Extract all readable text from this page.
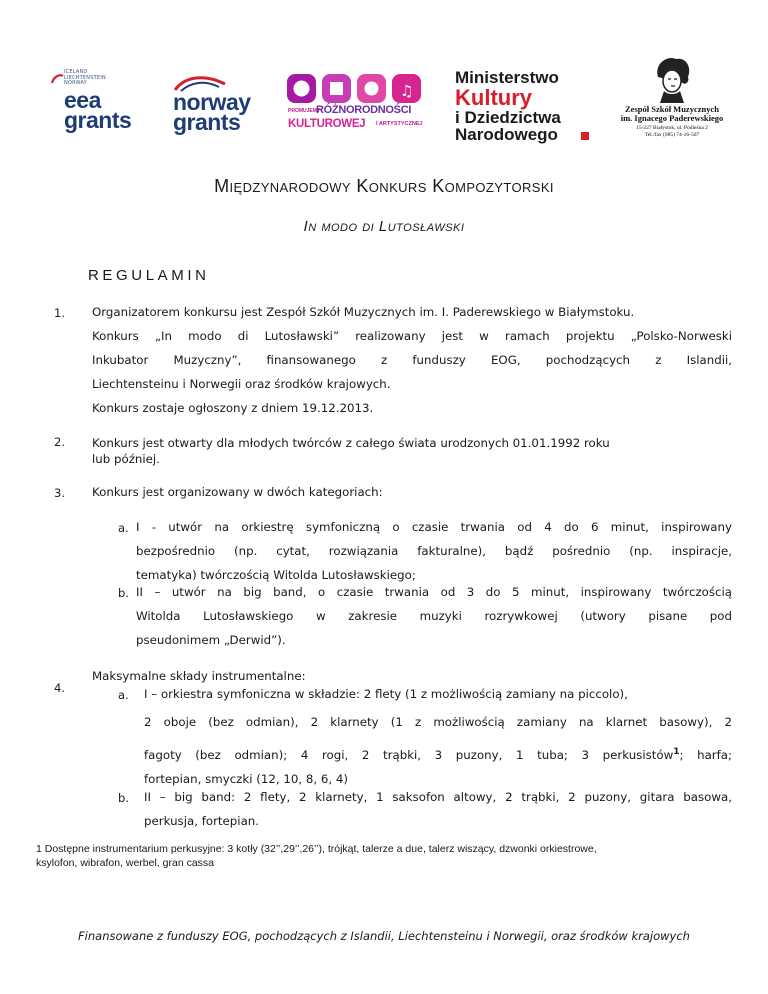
ICELAND
LIECHTENSTEIN
NORWAY
eea
grants
norway
grants
♫
PROMUJEMY
RÓŻNORODNOŚCI
KULTUROWEJ I ARTYSTYCZNEJ
Ministerstwo
Kultury
i Dziedzictwa
Narodowego
Zespół Szkół Muzycznych
im. Ignacego Paderewskiego
15-227 Białystok, ul. Podleśna 2
Tel./fax (085) 74-16-507
Międzynarodowy Konkurs Kompozytorski
In modo di Lutosławski
REGULAMIN
1. Organizatorem konkursu jest Zespół Szkół Muzycznych im. I. Paderewskiego w Białymstoku.
Konkurs „In modo di Lutosławski” realizowany jest w ramach projektu „Polsko-Norweski
Inkubator Muzyczny”, finansowanego z funduszy EOG, pochodzących z Islandii,
Liechtensteinu i Norwegii oraz środków krajowych.
Konkurs zostaje ogłoszony z dniem 19.12.2013.
2. Konkurs jest otwarty dla młodych twórców z całego świata urodzonych 01.01.1992 roku
lub później.
3. Konkurs jest organizowany w dwóch kategoriach:
a. I - utwór na orkiestrę symfoniczną o czasie trwania od 4 do 6 minut, inspirowany
bezpośrednio (np. cytat, rozwiązania fakturalne), bądź pośrednio (np. inspiracje,
tematyka) twórczością Witolda Lutosławskiego;
b. II – utwór na big band, o czasie trwania od 3 do 5 minut, inspirowany twórczością
Witolda Lutosławskiego w zakresie muzyki rozrywkowej (utwory pisane pod
pseudonimem „Derwid”).
4.
Maksymalne składy instrumentalne:
a. I – orkiestra symfoniczna w składzie: 2 flety (1 z możliwością zamiany na piccolo),
2 oboje (bez odmian), 2 klarnety (1 z możliwością zamiany na klarnet basowy), 2
fagoty (bez odmian); 4 rogi, 2 trąbki, 3 puzony, 1 tuba; 3 perkusistów$^1$; harfa;
fortepian, smyczki (12, 10, 8, 6, 4)
b. II – big band: 2 flety, 2 klarnety, 1 saksofon altowy, 2 trąbki, 2 puzony, gitara basowa,
perkusja, fortepian.
1 Dostępne instrumentarium perkusyjne: 3 kotły (32’’,29’’,26’’), trójkąt, talerze a due, talerz wiszący, dzwonki orkiestrowe,
ksylofon, wibrafon, werbel, gran cassa
Finansowane z funduszy EOG, pochodzących z Islandii, Liechtensteinu i Norwegii, oraz środków krajowych
